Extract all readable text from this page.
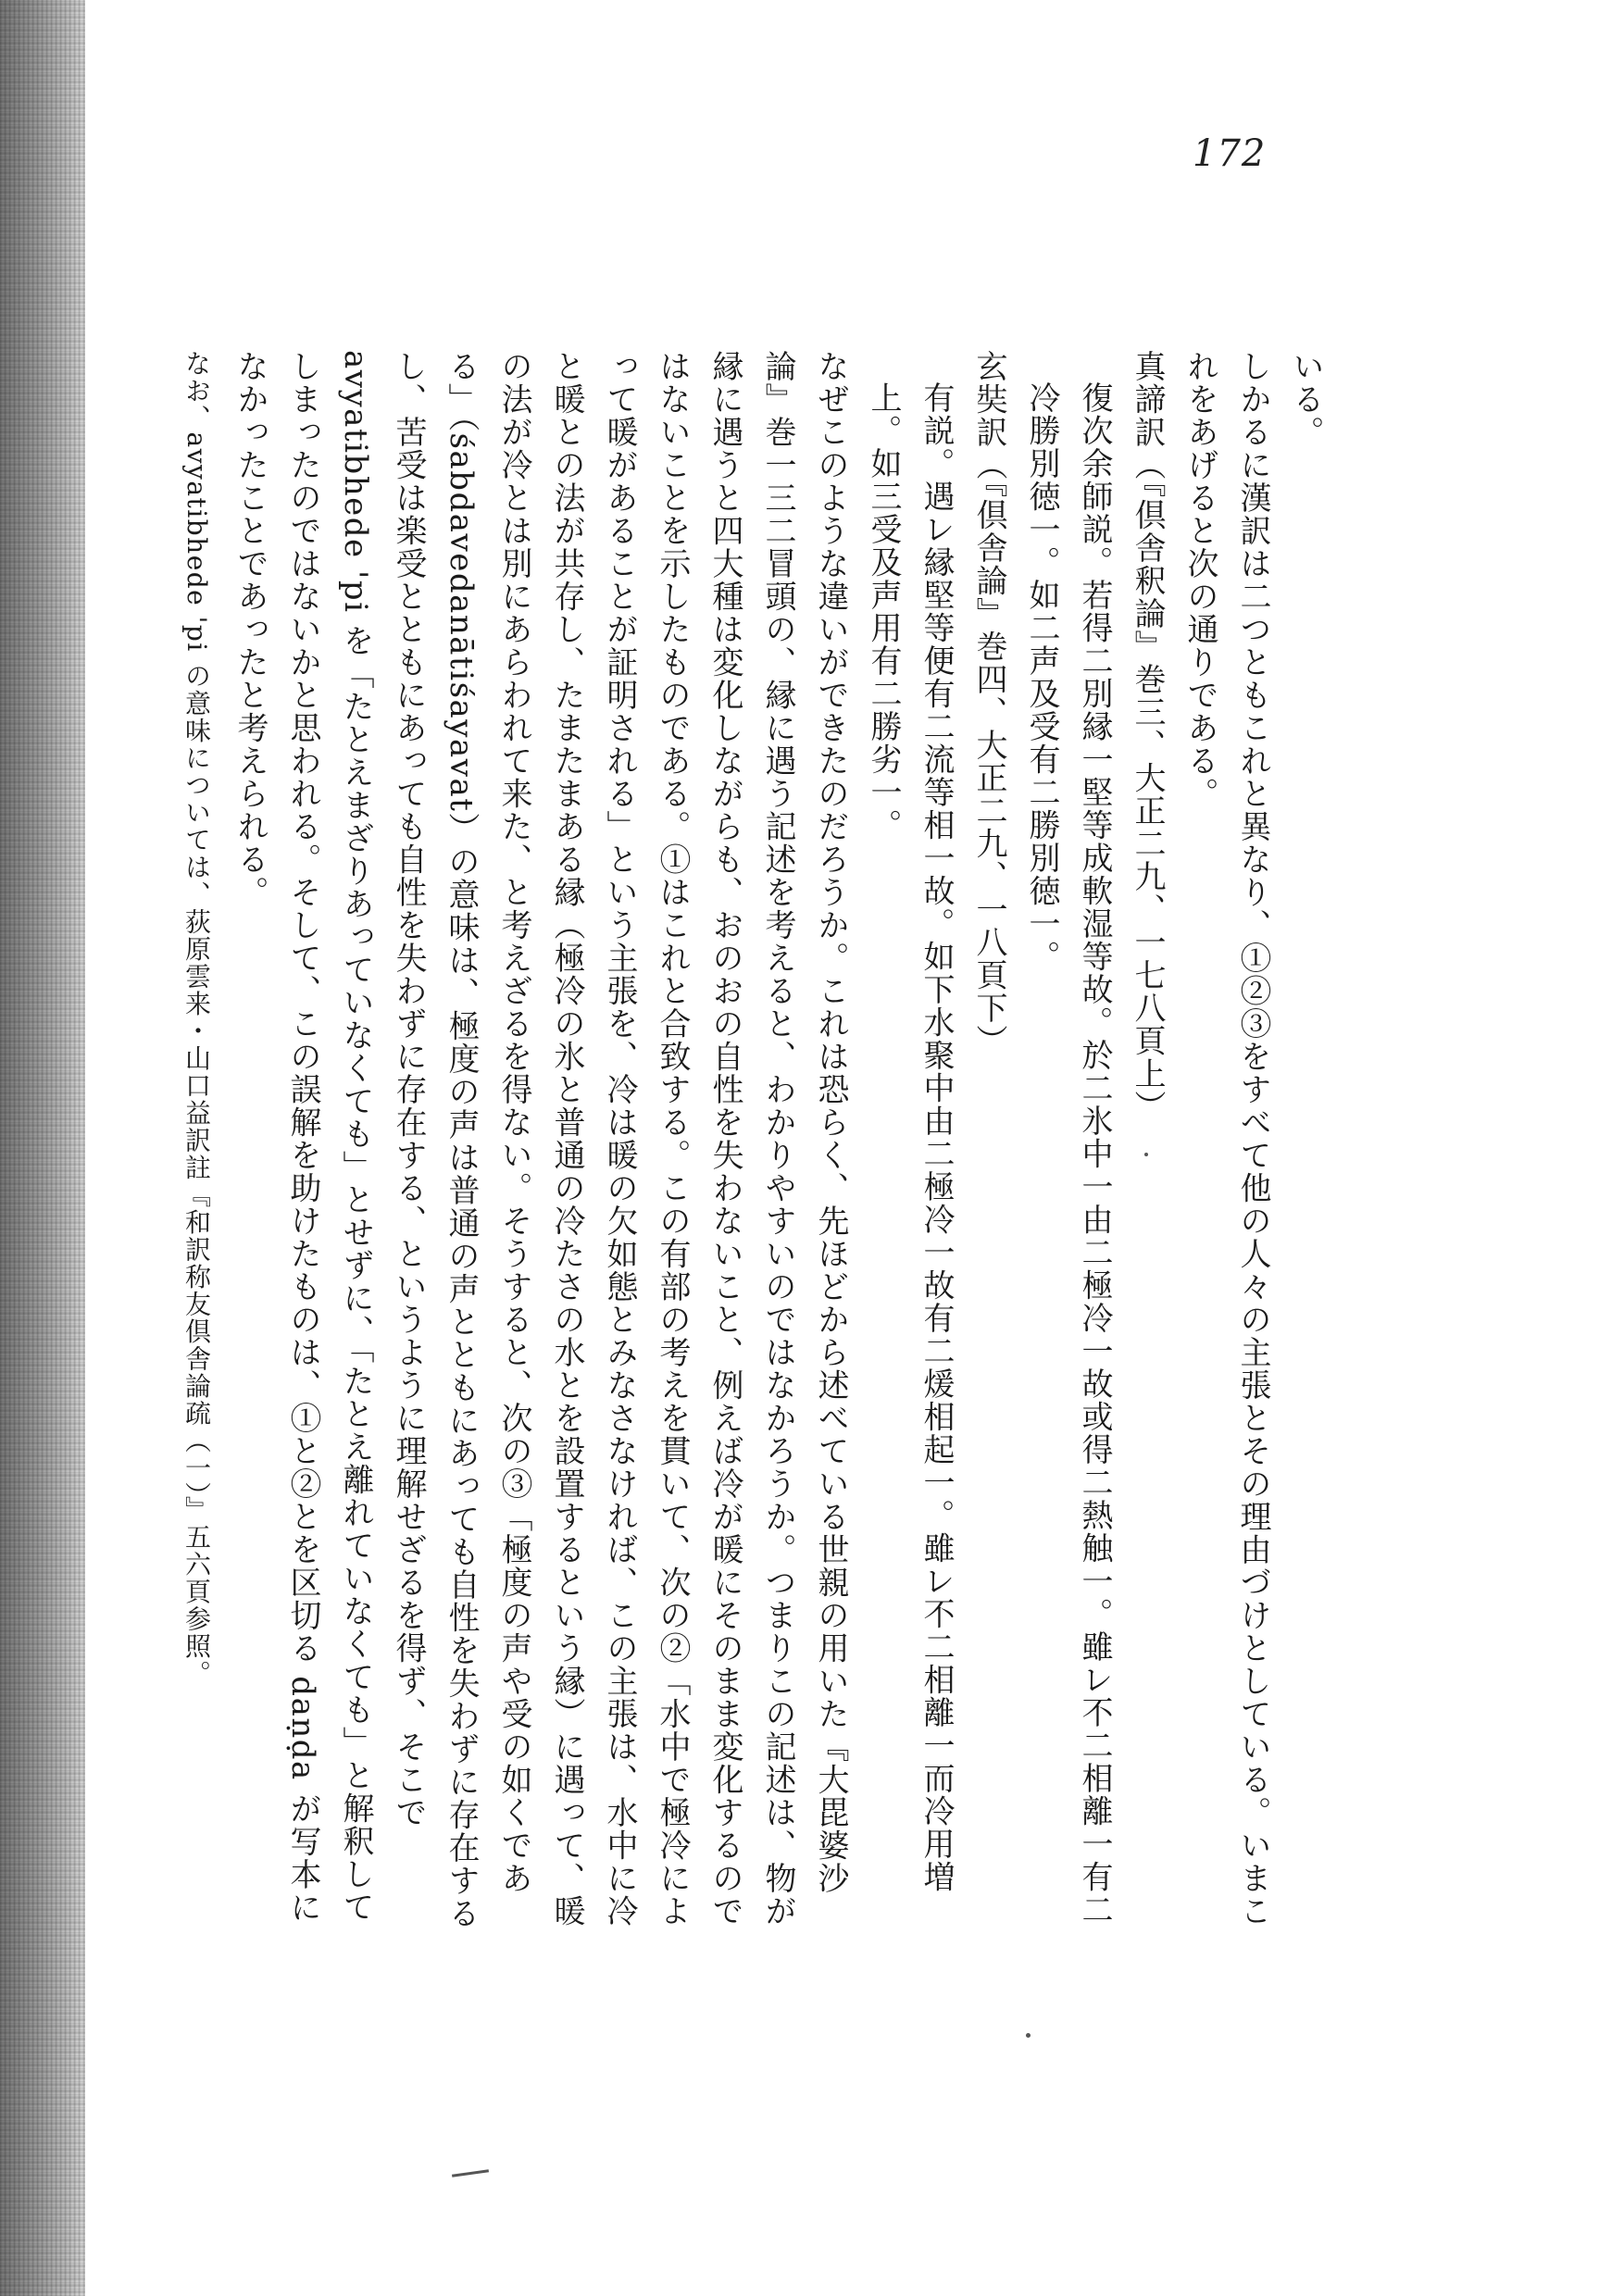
172

いる。

しかるに漢訳は二つともこれと異なり、①②③をすべて他の人々の主張とその理由づけとしている。いまこれをあげると次の通りである。

真諦訳（『倶舎釈論』巻三、大正二九、一七八頁上）

復次余師説。若得二別縁一堅等成軟湿等故。於二氷中一由二極冷一故或得二熱触一。雖レ不二相離一有二冷勝別徳一。如二声及受有二勝別徳一。

玄奘訳（『倶舎論』巻四、大正二九、一八頁下）

有説。遇レ縁堅等便有二流等相一故。如下水聚中由二極冷一故有二煖相起一。雖レ不二相離一而冷用増上。如三受及声用有二勝劣一。

なぜこのような違いができたのだろうか。これは恐らく、先ほどから述べている世親の用いた『大毘婆沙論』巻一三二冒頭の、縁に遇う記述を考えると、わかりやすいのではなかろうか。つまりこの記述は、物が縁に遇うと四大種は変化しながらも、おのおの自性を失わないこと、例えば冷が暖にそのまま変化するのではないことを示したものである。①はこれと合致する。この有部の考えを貫いて、次の②「水中で極冷によって暖があることが証明される」という主張を、冷は暖の欠如態とみなさなければ、この主張は、水中に冷と暖との法が共存し、たまたまある縁（極冷の氷と普通の冷たさの水とを設置するという縁）に遇って、暖の法が冷とは別にあらわれて来た、と考えざるを得ない。そうすると、次の③「極度の声や受の如くである」（śabdavedanātiśayavat）の意味は、極度の声は普通の声とともにあっても自性を失わずに存在するし、苦受は楽受とともにあっても自性を失わずに存在する、というように理解せざるを得ず、そこで avyatibhede 'pi を「たとえまざりあっていなくても」とせずに、「たとえ離れていなくても」と解釈してしまったのではないかと思われる。そして、この誤解を助けたものは、①と②とを区切る daṇḍa が写本になかったことであったと考えられる。

なお、avyatibhede 'pi の意味については、荻原雲来・山口益訳註『和訳称友倶舎論疏（一）』五六頁参照。
